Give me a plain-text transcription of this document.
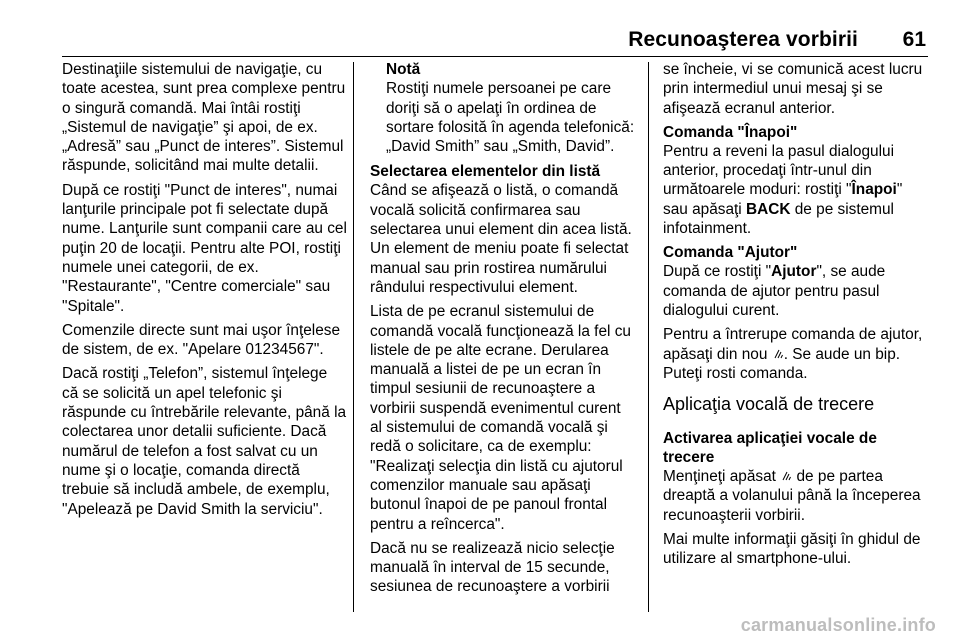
Recunoaşterea vorbirii 61

Destinaţiile sistemului de navigaţie, cu toate acestea, sunt prea complexe pentru o singură comandă. Mai întâi rostiţi „Sistemul de navigaţie” şi apoi, de ex. „Adresă” sau „Punct de interes”. Sistemul răspunde, solicitând mai multe detalii.

După ce rostiţi "Punct de interes", numai lanţurile principale pot fi selectate după nume. Lanţurile sunt companii care au cel puţin 20 de locaţii. Pentru alte POI, rostiţi numele unei categorii, de ex. "Restaurante", "Centre comerciale" sau "Spitale".

Comenzile directe sunt mai uşor înţelese de sistem, de ex. "Apelare 01234567".

Dacă rostiţi „Telefon”, sistemul înţelege că se solicită un apel telefonic şi răspunde cu întrebările relevante, până la colectarea unor detalii suficiente. Dacă numărul de telefon a fost salvat cu un nume şi o locaţie, comanda directă trebuie să includă ambele, de exemplu, "Apelează pe David Smith la serviciu".

Notă
Rostiţi numele persoanei pe care doriţi să o apelaţi în ordinea de sortare folosită în agenda telefonică: „David Smith” sau „Smith, David”.
Selectarea elementelor din listă

Când se afişează o listă, o comandă vocală solicită confirmarea sau selectarea unui element din acea listă. Un element de meniu poate fi selectat manual sau prin rostirea numărului rândului respectivului element.

Lista de pe ecranul sistemului de comandă vocală funcţionează la fel cu listele de pe alte ecrane. Derularea manuală a listei de pe un ecran în timpul sesiunii de recunoaştere a vorbirii suspendă evenimentul curent al sistemului de comandă vocală şi redă o solicitare, ca de exemplu: "Realizaţi selecţia din listă cu ajutorul comenzilor manuale sau apăsaţi butonul înapoi de pe panoul frontal pentru a reîncerca".

Dacă nu se realizează nicio selecţie manuală în interval de 15 secunde, sesiunea de recunoaştere a vorbirii

se încheie, vi se comunică acest lucru prin intermediul unui mesaj şi se afişează ecranul anterior.

Comanda "Înapoi"

Pentru a reveni la pasul dialogului anterior, procedaţi într-unul din următoarele moduri: rostiţi "Înapoi" sau apăsaţi BACK de pe sistemul infotainment.

Comanda "Ajutor"

După ce rostiţi "Ajutor", se aude comanda de ajutor pentru pasul dialogului curent.

Pentru a întrerupe comanda de ajutor, apăsaţi din nou . Se aude un bip. Puteţi rosti comanda.

Aplicaţia vocală de trecere
Activarea aplicaţiei vocale de trecere

Menţineţi apăsat  de pe partea dreaptă a volanului până la începerea recunoaşterii vorbirii.

Mai multe informaţii găsiţi în ghidul de utilizare al smartphone-ului.

carmanualsonline.info
